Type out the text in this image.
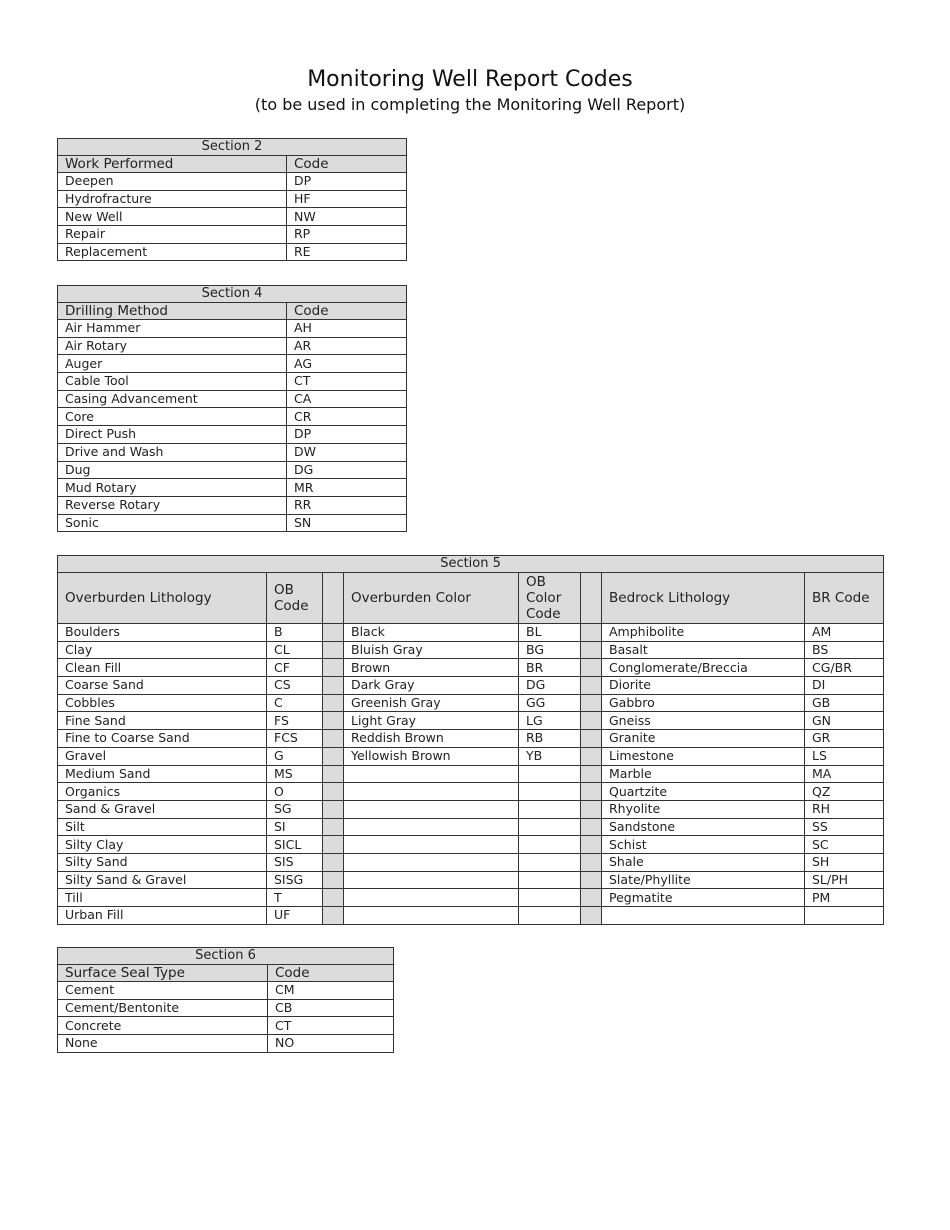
Monitoring Well Report Codes
(to be used in completing the Monitoring Well Report)
Section 2	
Work Performed	Code
Deepen	DP
Hydrofracture	HF
New Well	NW
Repair	RP
Replacement	RE
Section 4	
Drilling Method	Code
Air Hammer	AH
Air Rotary	AR
Auger	AG
Cable Tool	CT
Casing Advancement	CA
Core	CR
Direct Push	DP
Drive and Wash	DW
Dug	DG
Mud Rotary	MR
Reverse Rotary	RR
Sonic	SN
Section 5							
Overburden Lithology	OB Code		Overburden Color	OB Color Code		Bedrock Lithology	BR Code
Boulders	B		Black	BL		Amphibolite	AM
Clay	CL		Bluish Gray	BG		Basalt	BS
Clean Fill	CF		Brown	BR		Conglomerate/Breccia	CG/BR
Coarse Sand	CS		Dark Gray	DG		Diorite	DI
Cobbles	C		Greenish Gray	GG		Gabbro	GB
Fine Sand	FS		Light Gray	LG		Gneiss	GN
Fine to Coarse Sand	FCS		Reddish Brown	RB		Granite	GR
Gravel	G		Yellowish Brown	YB		Limestone	LS
Medium Sand	MS					Marble	MA
Organics	O					Quartzite	QZ
Sand & Gravel	SG					Rhyolite	RH
Silt	SI					Sandstone	SS
Silty Clay	SICL					Schist	SC
Silty Sand	SIS					Shale	SH
Silty Sand & Gravel	SISG					Slate/Phyllite	SL/PH
Till	T					Pegmatite	PM
Urban Fill	UF						
Section 6	
Surface Seal Type	Code
Cement	CM
Cement/Bentonite	CB
Concrete	CT
None	NO
